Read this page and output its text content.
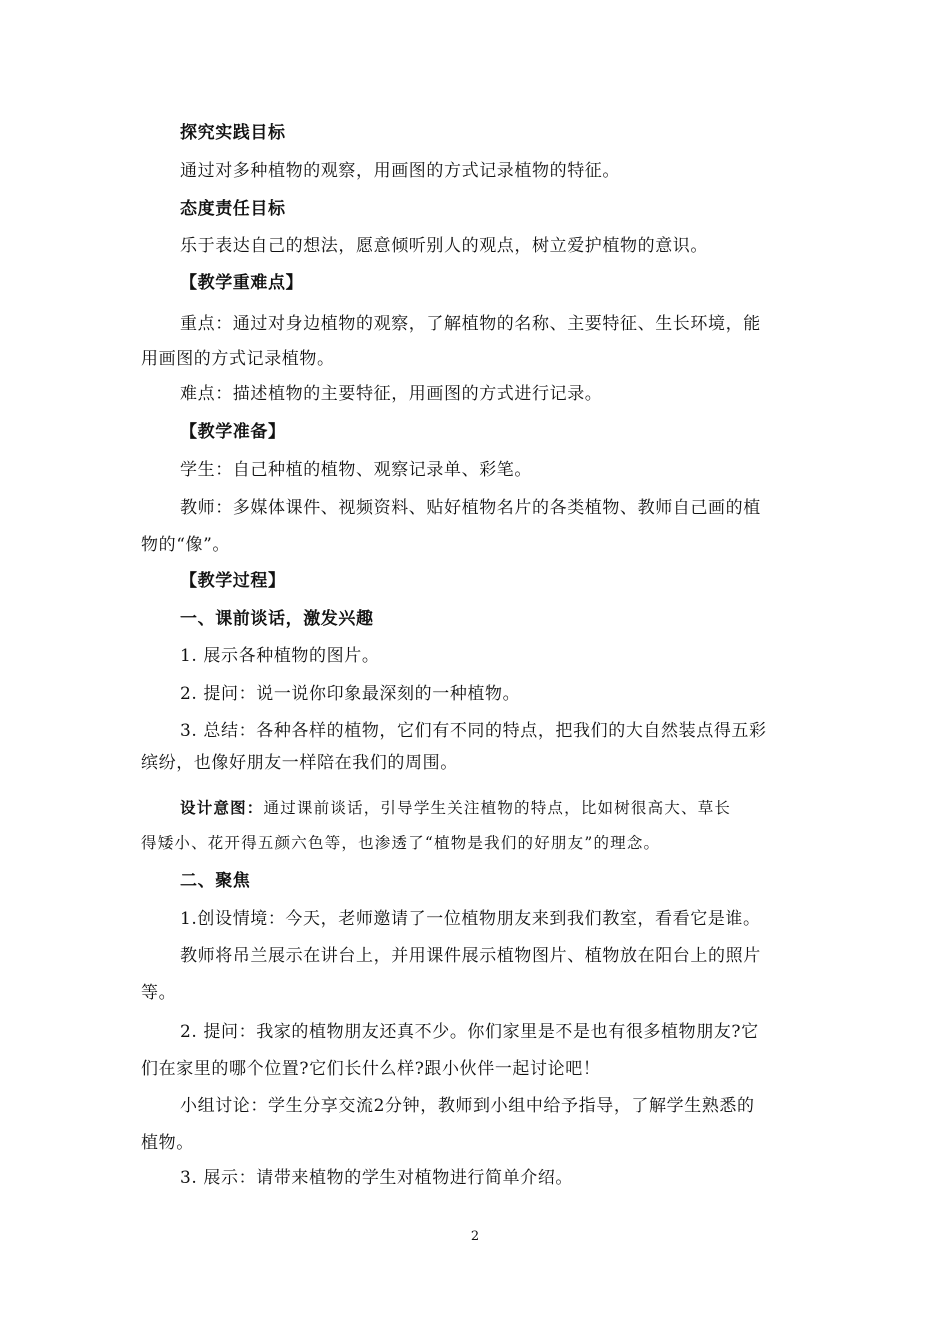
探究实践目标
通过对多种植物的观察，用画图的方式记录植物的特征。
态度责任目标
乐于表达自己的想法，愿意倾听别人的观点，树立爱护植物的意识。
【教学重难点】
重点：通过对身边植物的观察，了解植物的名称、主要特征、生长环境，能
用画图的方式记录植物。
难点：描述植物的主要特征，用画图的方式进行记录。
【教学准备】
学生：自己种植的植物、观察记录单、彩笔。
教师：多媒体课件、视频资料、贴好植物名片的各类植物、教师自己画的植
物的“像”。
【教学过程】
一、课前谈话，激发兴趣
1. 展示各种植物的图片。
2. 提问：说一说你印象最深刻的一种植物。
3. 总结：各种各样的植物，它们有不同的特点，把我们的大自然装点得五彩
缤纷，也像好朋友一样陪在我们的周围。
设计意图：通过课前谈话，引导学生关注植物的特点，比如树很高大、草长
得矮小、花开得五颜六色等，也渗透了“植物是我们的好朋友”的理念。
二、聚焦
1.创设情境：今天，老师邀请了一位植物朋友来到我们教室，看看它是谁。
教师将吊兰展示在讲台上，并用课件展示植物图片、植物放在阳台上的照片
等。
2. 提问：我家的植物朋友还真不少。你们家里是不是也有很多植物朋友?它
们在家里的哪个位置?它们长什么样?跟小伙伴一起讨论吧！
小组讨论：学生分享交流2分钟，教师到小组中给予指导，了解学生熟悉的
植物。
3. 展示：请带来植物的学生对植物进行简单介绍。
2
